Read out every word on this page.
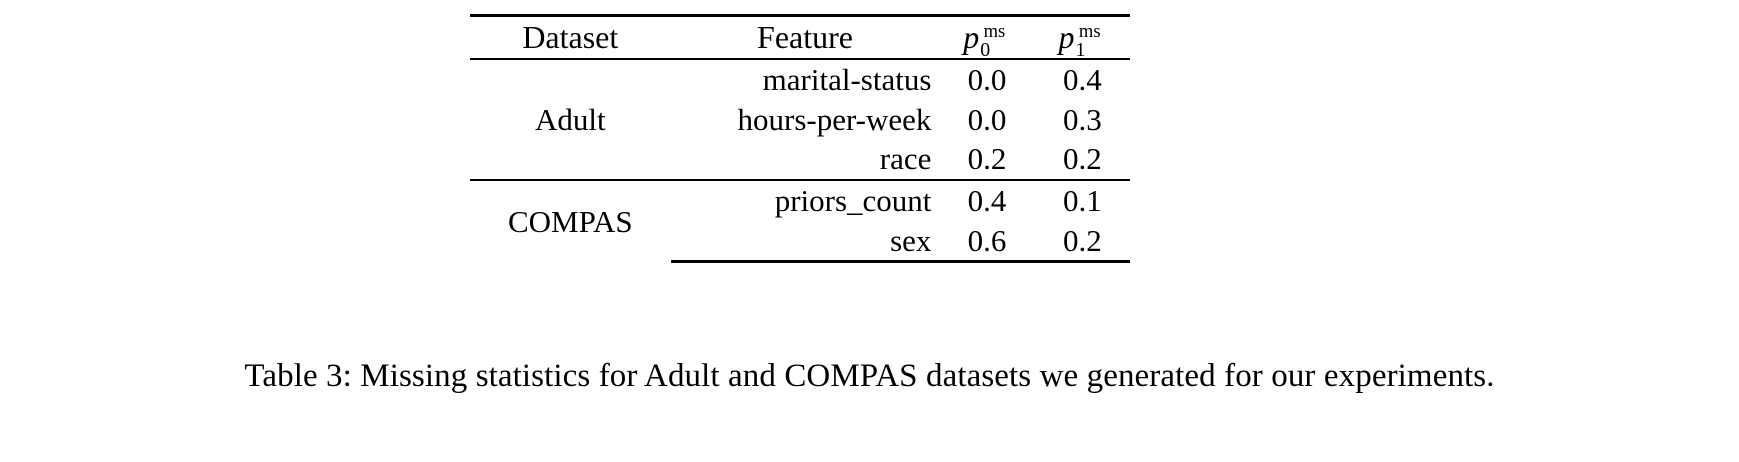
Dataset	Feature	$p_0^{ms}$	$p_1^{ms}$
Adult	marital-status	0.0	0.4
	hours-per-week	0.0	0.3
	race	0.2	0.2
COMPAS	priors_count	0.4	0.1
	sex	0.6	0.2
Table 3: Missing statistics for Adult and COMPAS datasets we generated for our experiments.
